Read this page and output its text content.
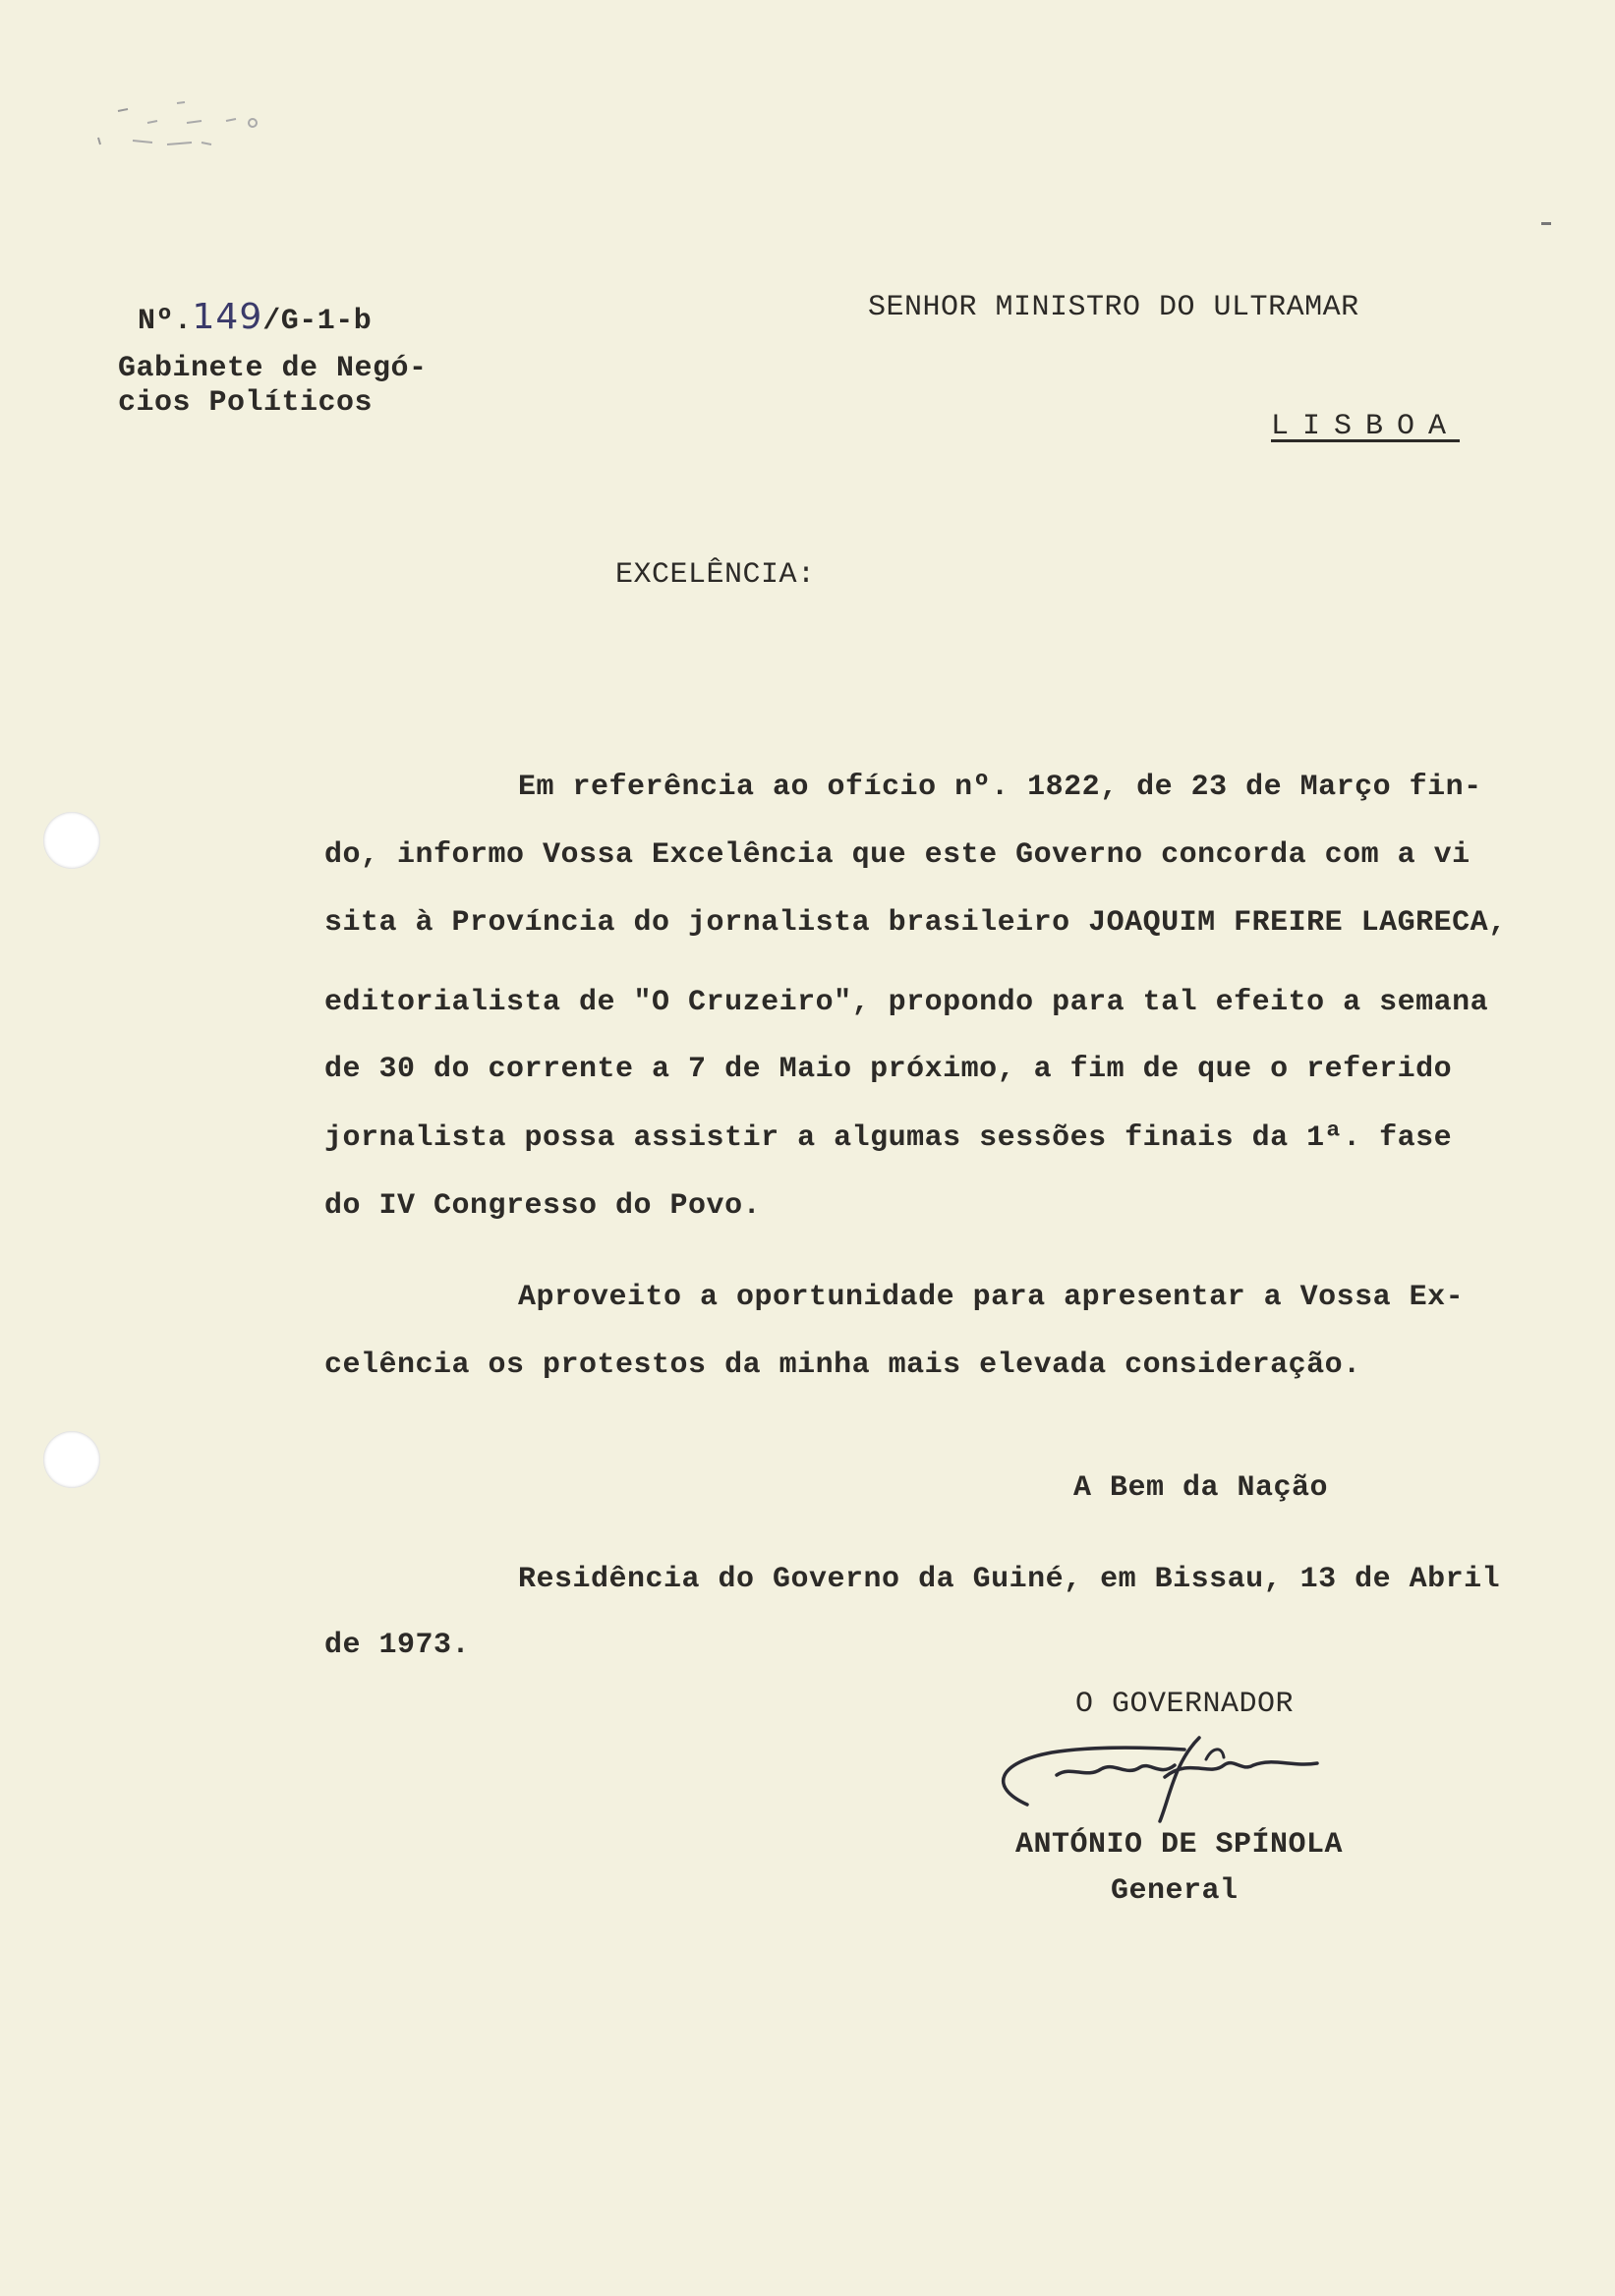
Nº.149/G-1-b
Gabinete de Negó-
cios Políticos
SENHOR MINISTRO DO ULTRAMAR
LISBOA
EXCELÊNCIA:
Em referência ao ofício nº. 1822, de 23 de Março fin-
do, informo Vossa Excelência que este Governo concorda com a vi
sita à Província do jornalista brasileiro JOAQUIM FREIRE LAGRECA,
editorialista de "O Cruzeiro", propondo para tal efeito a semana
de 30 do corrente a 7 de Maio próximo, a fim de que o referido
jornalista possa assistir a algumas sessões finais da 1ª. fase
do IV Congresso do Povo.
Aproveito a oportunidade para apresentar a Vossa Ex-
celência os protestos da minha mais elevada consideração.
A Bem da Nação
Residência do Governo da Guiné, em Bissau, 13 de Abril
de 1973.
O GOVERNADOR
ANTÓNIO DE SPÍNOLA
General
